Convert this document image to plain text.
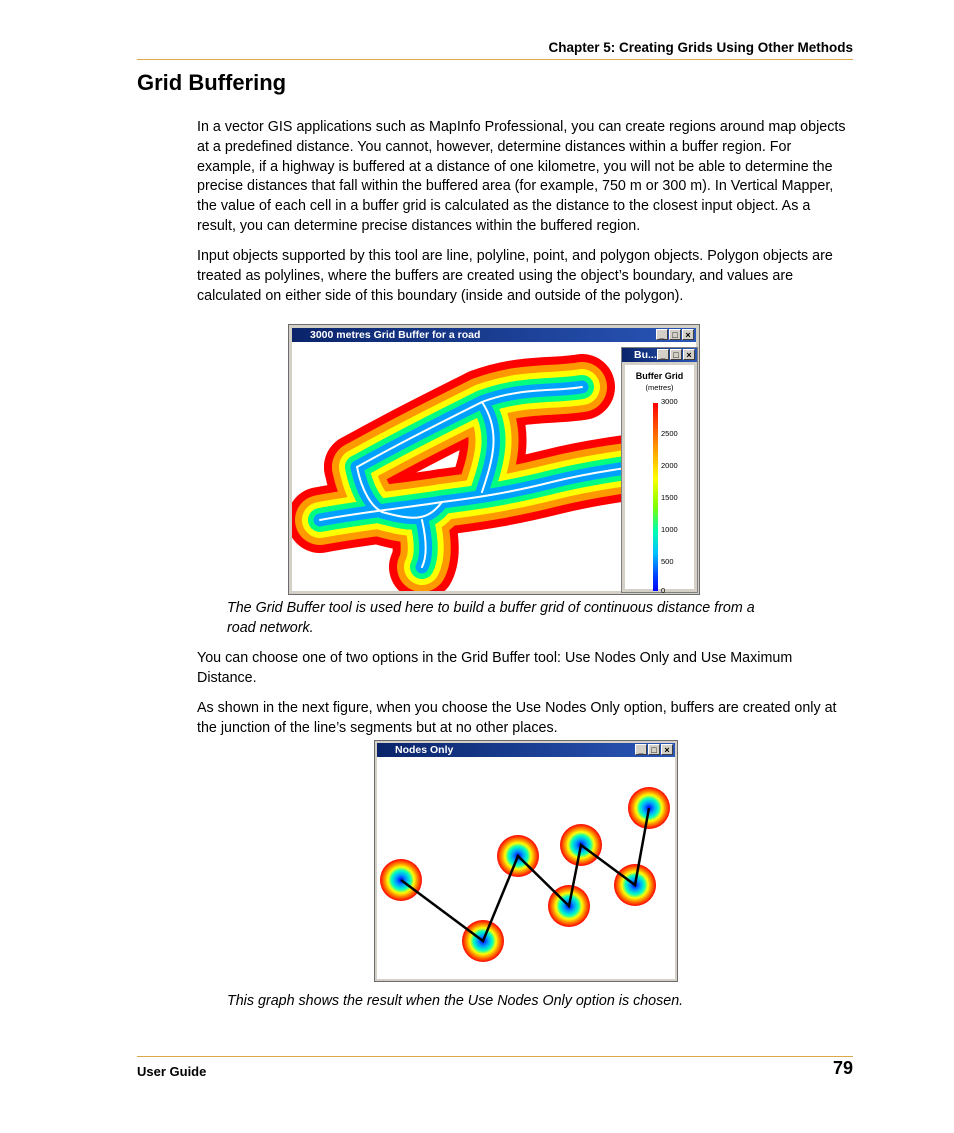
Chapter 5: Creating Grids Using Other Methods
Grid Buffering

In a vector GIS applications such as MapInfo Professional, you can create regions around map objects at a predefined distance. You cannot, however, determine distances within a buffer region. For example, if a highway is buffered at a distance of one kilometre, you will not be able to determine the precise distances that fall within the buffered area (for example, 750 m or 300 m). In Vertical Mapper, the value of each cell in a buffer grid is calculated as the distance to the closest input object. As a result, you can determine precise distances within the buffered region.

Input objects supported by this tool are line, polyline, point, and polygon objects. Polygon objects are treated as polylines, where the buffers are created using the object’s boundary, and values are calculated on either side of this boundary (inside and outside of the polygon).

3000 metres Grid Buffer for a road	_ □ ×
Bu... _ □ ×
Buffer Grid
(metres)
3000
2500
2000
1500
1000
500
0

The Grid Buffer tool is used here to build a buffer grid of continuous distance from a road network.

You can choose one of two options in the Grid Buffer tool: Use Nodes Only and Use Maximum Distance.

As shown in the next figure, when you choose the Use Nodes Only option, buffers are created only at the junction of the line’s segments but at no other places.

Nodes Only	_ □ ×

This graph shows the result when the Use Nodes Only option is chosen.

User Guide	79
